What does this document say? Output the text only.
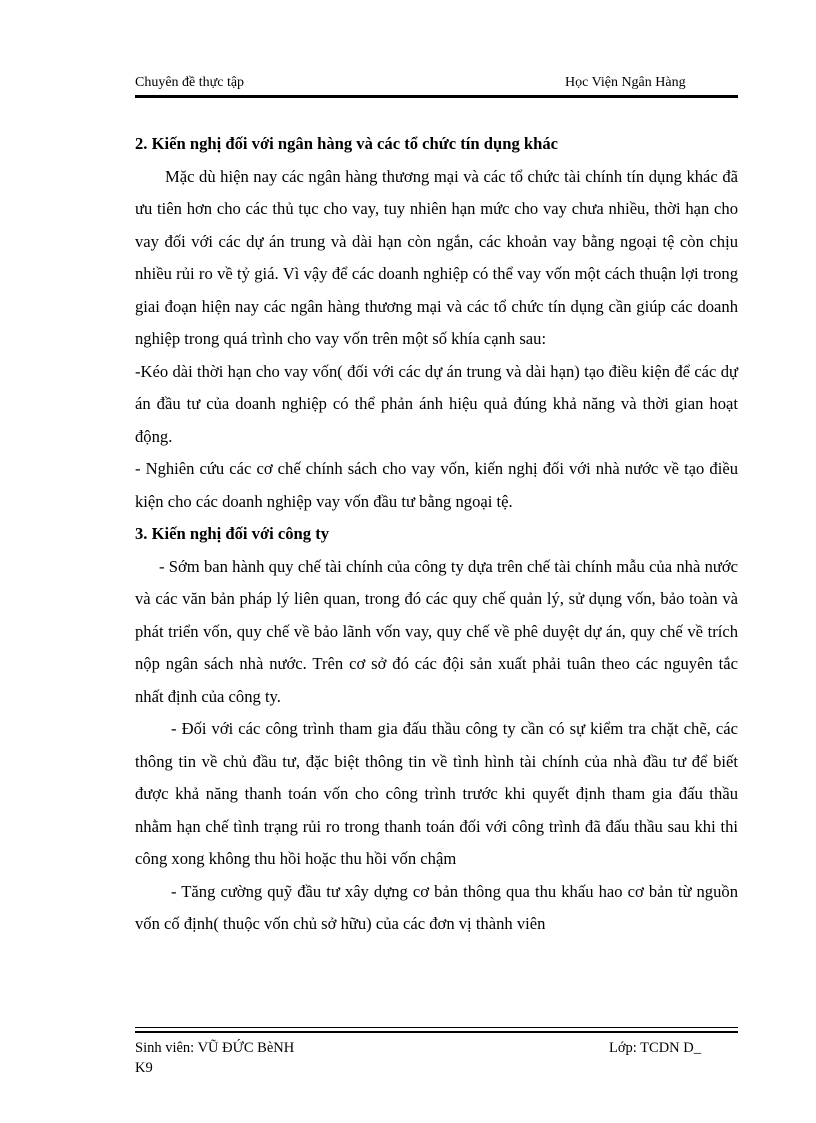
Chuyên đề thực tập	Học Viện Ngân Hàng

2. Kiến nghị đối với ngân hàng và các tổ chức tín dụng khác

Mặc dù hiện nay các ngân hàng thương mại và các tổ chức tài chính tín dụng khác đã ưu tiên hơn cho các thủ tục cho vay, tuy nhiên hạn mức cho vay chưa nhiều, thời hạn cho vay đối với các dự án trung và dài hạn còn ngắn, các khoản vay bằng ngoại tệ còn chịu nhiều rủi ro về tỷ giá. Vì vậy để các doanh nghiệp có thể vay vốn một cách thuận lợi trong giai đoạn hiện nay các ngân hàng thương mại và các tổ chức tín dụng cần giúp các doanh nghiệp trong quá trình cho vay vốn trên một số khía cạnh sau:

-Kéo dài thời hạn cho vay vốn( đối với các dự án trung và dài hạn) tạo điều kiện để các dự án đầu tư của doanh nghiệp có thể phản ánh hiệu quả đúng khả năng và thời gian hoạt động.

- Nghiên cứu các cơ chế chính sách cho vay vốn, kiến nghị đối với nhà nước về tạo điều kiện cho các doanh nghiệp vay vốn đầu tư bằng ngoại tệ.

3. Kiến nghị đối với công ty

- Sớm ban hành quy chế tài chính của công ty dựa trên chế tài chính mẫu của nhà nước và các văn bản pháp lý liên quan, trong đó các quy chế quản lý, sử dụng vốn, bảo toàn và phát triển vốn, quy chế về bảo lãnh vốn vay, quy chế về phê duyệt dự án, quy chế về trích nộp ngân sách nhà nước. Trên cơ sở đó các đội sản xuất phải tuân theo các nguyên tắc nhất định của công ty.

- Đối với các công trình tham gia đấu thầu công ty cần có sự kiểm tra chặt chẽ, các thông tin về chủ đầu tư, đặc biệt thông tin về tình hình tài chính của nhà đầu tư để biết được khả năng thanh toán vốn cho công trình trước khi quyết định tham gia đấu thầu nhằm hạn chế tình trạng rủi ro trong thanh toán đối với công trình đã đấu thầu sau khi thi công xong không thu hồi hoặc thu hồi vốn chậm

- Tăng cường quỹ đầu tư xây dựng cơ bản thông qua thu khấu hao cơ bản từ nguồn vốn cố định( thuộc vốn chủ sở hữu) của các đơn vị thành viên

Sinh viên: VŨ ĐỨC BèNH	Lớp: TCDN D_
K9
